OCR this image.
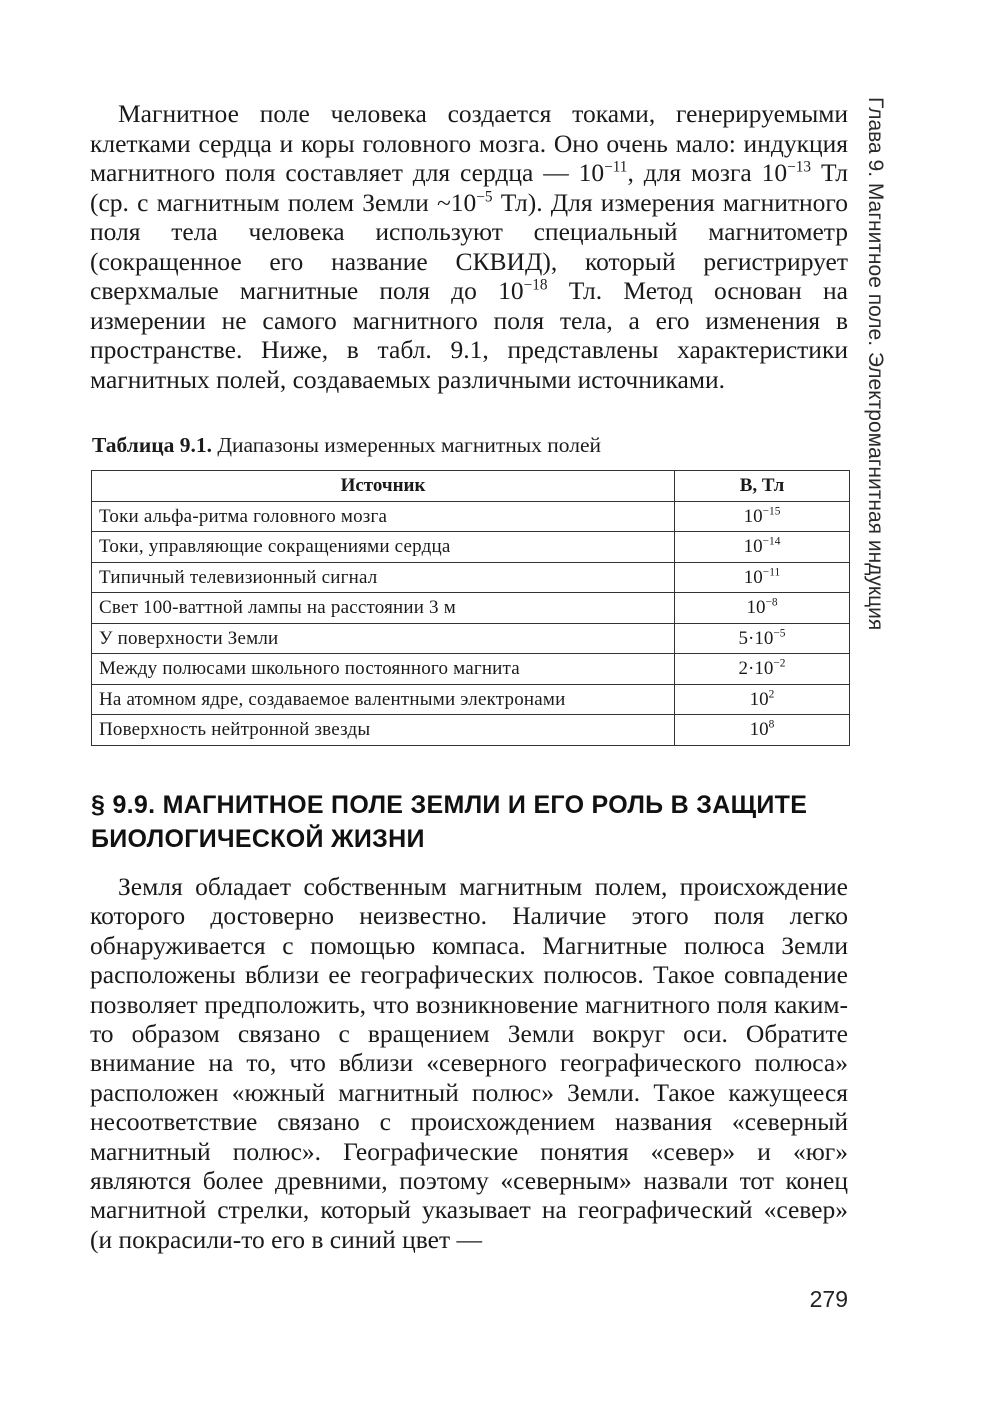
Глава 9. Магнитное поле. Электромагнитная индукция

Магнитное поле человека создается токами, генерируемыми клетками сердца и коры головного мозга. Оно очень мало: индукция магнитного поля составляет для сердца — $10^{-11}$, для мозга $10^{-13}$ Тл (ср. с магнитным полем Земли $\sim 10^{-5}$ Тл). Для измерения магнитного поля тела человека используют специальный магнитометр (сокращенное его название СКВИД), который регистрирует сверхмалые магнитные поля до $10^{-18}$ Тл. Метод основан на измерении не самого магнитного поля тела, а его изменения в пространстве. Ниже, в табл. 9.1, представлены характеристики магнитных полей, создаваемых различными источниками.

Таблица 9.1. Диапазоны измеренных магнитных полей
Источник	B, Тл
Токи альфа-ритма головного мозга	$10^{-15}$
Токи, управляющие сокращениями сердца	$10^{-14}$
Типичный телевизионный сигнал	$10^{-11}$
Свет 100-ваттной лампы на расстоянии 3 м	$10^{-8}$
У поверхности Земли	$5\cdot 10^{-5}$
Между полюсами школьного постоянного магнита	$2\cdot 10^{-2}$
На атомном ядре, создаваемое валентными электронами	$10^2$
Поверхность нейтронной звезды	$10^8$
§ 9.9. МАГНИТНОЕ ПОЛЕ ЗЕМЛИ И ЕГО РОЛЬ В ЗАЩИТЕ БИОЛОГИЧЕСКОЙ ЖИЗНИ

Земля обладает собственным магнитным полем, происхождение которого достоверно неизвестно. Наличие этого поля легко обнаруживается с помощью компаса. Магнитные полюса Земли расположены вблизи ее географических полюсов. Такое совпадение позволяет предположить, что возникновение магнитного поля каким-то образом связано с вращением Земли вокруг оси. Обратите внимание на то, что вблизи «северного географического полюса» расположен «южный магнитный полюс» Земли. Такое кажущееся несоответствие связано с происхождением названия «северный магнитный полюс». Географические понятия «север» и «юг» являются более древними, поэтому «северным» назвали тот конец магнитной стрелки, который указывает на географический «север» (и покрасили-то его в синий цвет —

279
